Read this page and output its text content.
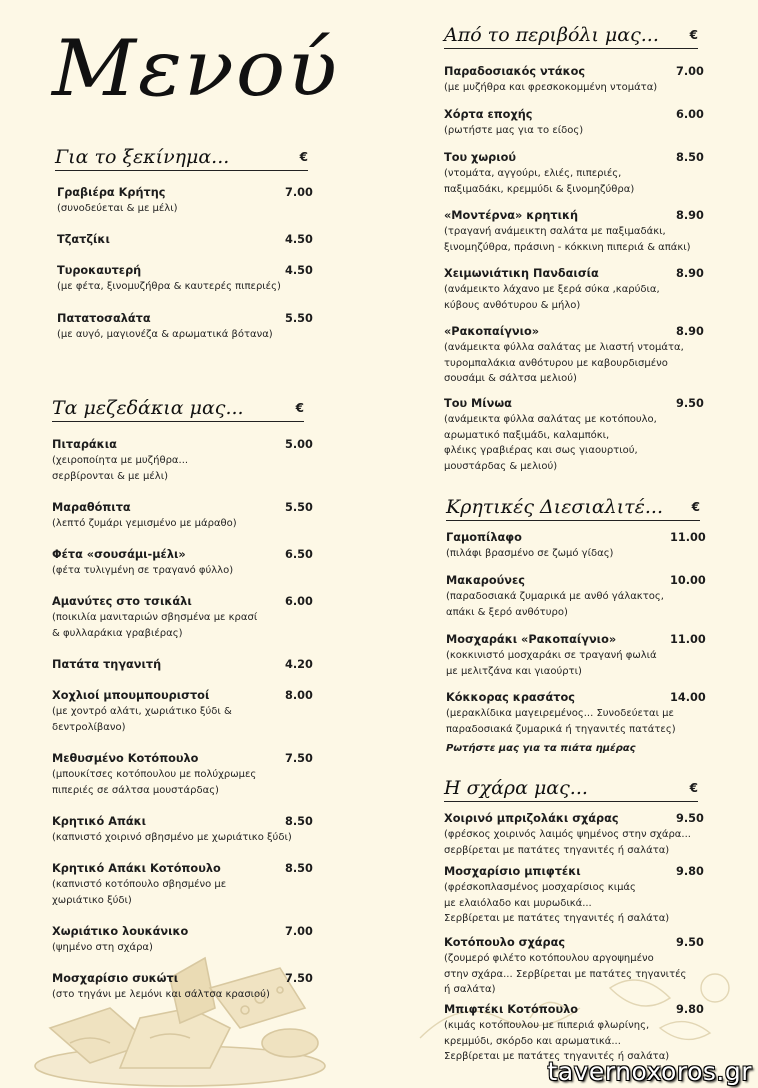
Μενού
Για το ξεκίνημα...	€
Τα μεζεδάκια μας...	€
Από το περιβόλι μας...	€
Κρητικές Διεσιαλιτέ... €
Ρωτήστε μας για τα πιάτα ημέρας
Η σχάρα μας...	€
Γραβιέρα Κρήτης	7.00
(συνοδεύεται & με μέλι)
Τζατζίκι	4.50
Τυροκαυτερή	4.50
(με φέτα, ξινομυζήθρα & καυτερές πιπεριές)
Πατατοσαλάτα	5.50
(με αυγό, μαγιονέζα & αρωματικά βότανα)
Πιταράκια	5.00
(χειροποίητα με μυζήθρα...
σερβίρονται & με μέλι)
Μαραθόπιτα	5.50
(λεπτό ζυμάρι γεμισμένο με μάραθο)
Φέτα «σουσάμι-μέλι»	6.50
(φέτα τυλιγμένη σε τραγανό φύλλο)
Αμανύτες στο τσικάλι	6.00
(ποικιλία μανιταριών σβησμένα με κρασί
& φυλλαράκια γραβιέρας)
Πατάτα τηγανιτή	4.20
Χοχλιοί μπουμπουριστοί	8.00
(με χοντρό αλάτι, χωριάτικο ξύδι &
δεντρολίβανο)
Μεθυσμένο Κοτόπουλο	7.50
(μπουκίτσες κοτόπουλου με πολύχρωμες
πιπεριές σε σάλτσα μουστάρδας)
Κρητικό Απάκι	8.50
(καπνιστό χοιρινό σβησμένο με χωριάτικο ξύδι)
Κρητικό Απάκι Κοτόπουλο	8.50
(καπνιστό κοτόπουλο σβησμένο με
χωριάτικο ξύδι)
Χωριάτικο λουκάνικο	7.00
(ψημένο στη σχάρα)
Μοσχαρίσιο συκώτι	7.50
(στο τηγάνι με λεμόνι και σάλτσα κρασιού)
Παραδοσιακός ντάκος	7.00
(με μυζήθρα και φρεσκοκομμένη ντομάτα)
Χόρτα εποχής	6.00
(ρωτήστε μας για το είδος)
Του χωριού	8.50
(ντομάτα, αγγούρι, ελιές, πιπεριές,
παξιμαδάκι, κρεμμύδι & ξινομηζύθρα)
«Μοντέρνα» κρητική	8.90
(τραγανή ανάμεικτη σαλάτα με παξιμαδάκι,
ξινομηζύθρα, πράσινη - κόκκινη πιπεριά & απάκι)
Χειμωνιάτικη Πανδαισία	8.90
(ανάμεικτο λάχανο με ξερά σύκα ,καρύδια,
κύβους ανθότυρου & μήλο)
«Ρακοπαίγνιο»	8.90
(ανάμεικτα φύλλα σαλάτας με λιαστή ντομάτα,
τυρομπαλάκια ανθότυρου με καβουρδισμένο
σουσάμι & σάλτσα μελιού)
Του Μίνωα	9.50
(ανάμεικτα φύλλα σαλάτας με κοτόπουλο,
αρωματικό παξιμάδι, καλαμπόκι,
φλέικς γραβιέρας και σως γιαουρτιού,
μουστάρδας & μελιού)
Γαμοπίλαφο	11.00
(πιλάφι βρασμένο σε ζωμό γίδας)
Μακαρούνες	10.00
(παραδοσιακά ζυμαρικά με ανθό γάλακτος,
απάκι & ξερό ανθότυρο)
Μοσχαράκι «Ρακοπαίγνιο»	11.00
(κοκκινιστό μοσχαράκι σε τραγανή φωλιά
με μελιτζάνα και γιαούρτι)
Κόκκορας κρασάτος	14.00
(μερακλίδικα μαγειρεμένος... Συνοδεύεται με
παραδοσιακά ζυμαρικά ή τηγανιτές πατάτες)
Χοιρινό μπριζολάκι σχάρας	9.50
(φρέσκος χοιρινός λαιμός ψημένος στην σχάρα...
σερβίρεται με πατάτες τηγανιτές ή σαλάτα)
Μοσχαρίσιο μπιφτέκι	9.80
(φρέσκοπλασμένος μοσχαρίσιος κιμάς
με ελαιόλαδο και μυρωδικά...
Σερβίρεται με πατάτες τηγανιτές ή σαλάτα)
Κοτόπουλο σχάρας	9.50
(ζουμερό φιλέτο κοτόπουλου αργοψημένο
στην σχάρα... Σερβίρεται με πατάτες τηγανιτές
ή σαλάτα)
Μπιφτέκι Κοτόπουλο	9.80
(κιμάς κοτόπουλου με πιπεριά φλωρίνης,
κρεμμύδι, σκόρδο και αρωματικά...
Σερβίρεται με πατάτες τηγανιτές ή σαλάτα)
tavernoxoros.gr
